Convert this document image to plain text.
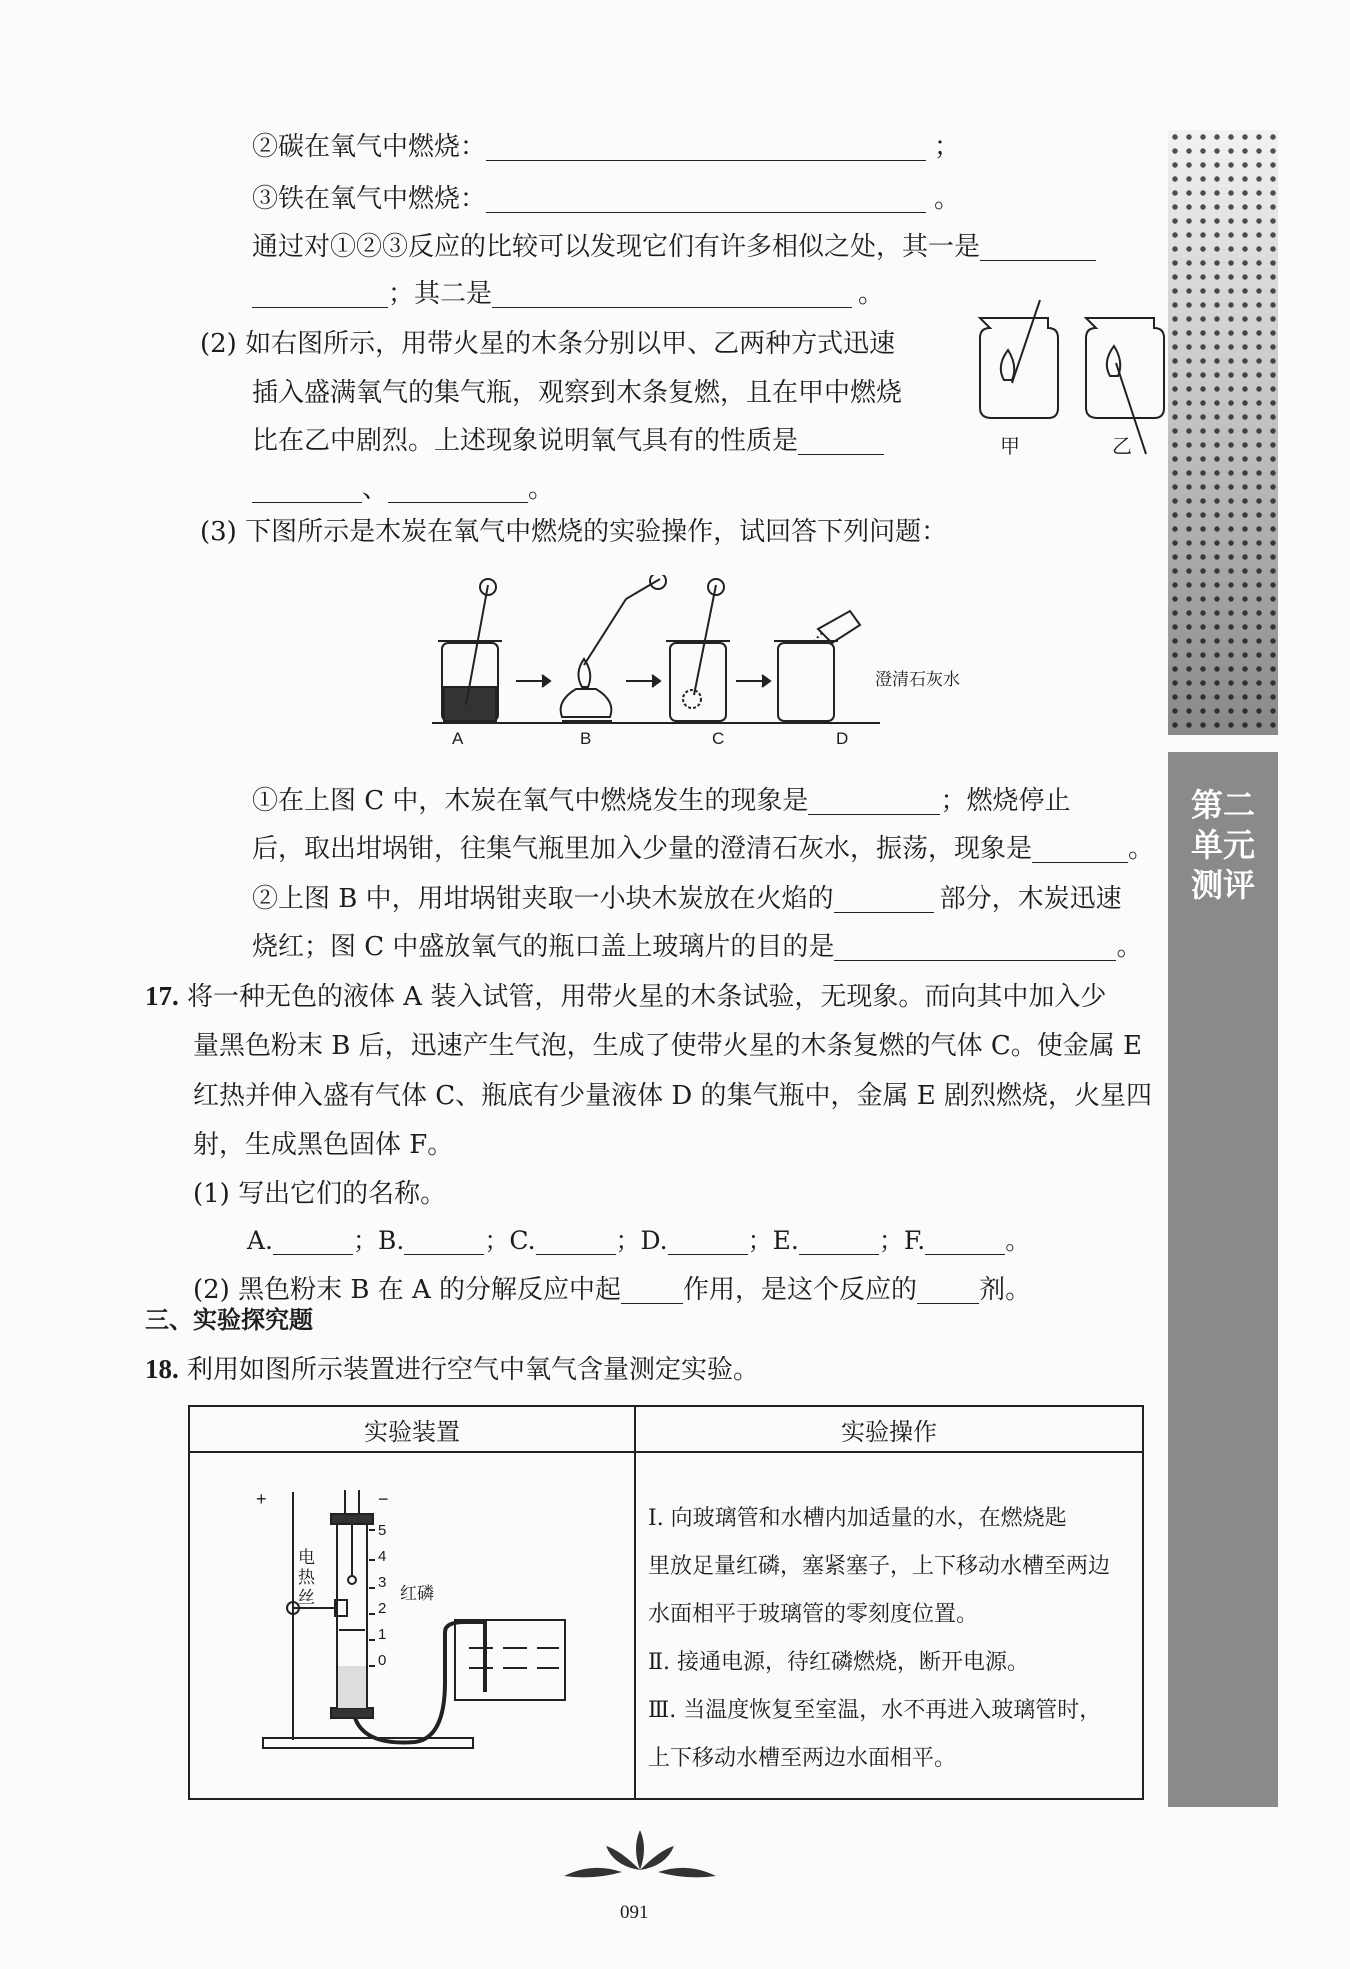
第二单元测评
②碳在氧气中燃烧：	；
③铁在氧气中燃烧：	。
通过对①②③反应的比较可以发现它们有许多相似之处，其一是
；其二是	。
(2) 如右图所示，用带火星的木条分别以甲、乙两种方式迅速
插入盛满氧气的集气瓶，观察到木条复燃，且在甲中燃烧
比在乙中剧烈。上述现象说明氧气具有的性质是
、	。
甲	乙
(3) 下图所示是木炭在氧气中燃烧的实验操作，试回答下列问题：
A	B	C	D
澄清石灰水
①在上图 C 中，木炭在氧气中燃烧发生的现象是	；燃烧停止
后，取出坩埚钳，往集气瓶里加入少量的澄清石灰水，振荡，现象是	。
②上图 B 中，用坩埚钳夹取一小块木炭放在火焰的	部分，木炭迅速
烧红；图 C 中盛放氧气的瓶口盖上玻璃片的目的是	。
17. 将一种无色的液体 A 装入试管，用带火星的木条试验，无现象。而向其中加入少
量黑色粉末 B 后，迅速产生气泡，生成了使带火星的木条复燃的气体 C。使金属 E
红热并伸入盛有气体 C、瓶底有少量液体 D 的集气瓶中，金属 E 剧烈燃烧，火星四
射，生成黑色固体 F。
(1) 写出它们的名称。
A.	；B.	；C.	；D.	；E.	；F.	。
(2) 黑色粉末 B 在 A 的分解反应中起 作用，是这个反应的 剂。
三、实验探究题
18. 利用如图所示装置进行空气中氧气含量测定实验。
实验装置	实验操作

+	−
电热丝	红磷
5
4
3
2
1
0
Ⅰ. 向玻璃管和水槽内加适量的水，在燃烧匙
里放足量红磷，塞紧塞子，上下移动水槽至两边
水面相平于玻璃管的零刻度位置。
Ⅱ. 接通电源，待红磷燃烧，断开电源。
Ⅲ. 当温度恢复至室温，水不再进入玻璃管时，
上下移动水槽至两边水面相平。
091
